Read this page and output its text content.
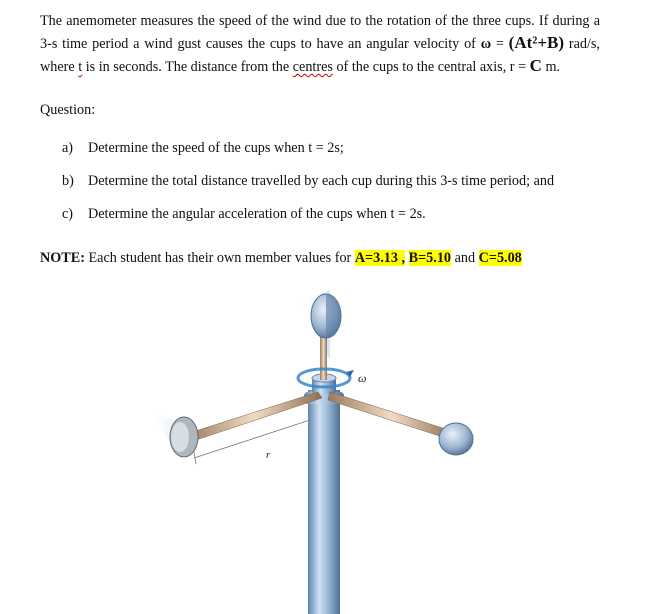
The anemometer measures the speed of the wind due to the rotation of the three cups. If during a 3-s time period a wind gust causes the cups to have an angular velocity of ω = (At²+B) rad/s, where t is in seconds. The distance from the centres of the cups to the central axis, r = C m.

Question:

a) Determine the speed of the cups when t = 2s;
b) Determine the total distance travelled by each cup during this 3-s time period; and
c) Determine the angular acceleration of the cups when t = 2s.
NOTE: Each student has their own member values for A=3.13 , B=5.10 and C=5.08
ω
r
